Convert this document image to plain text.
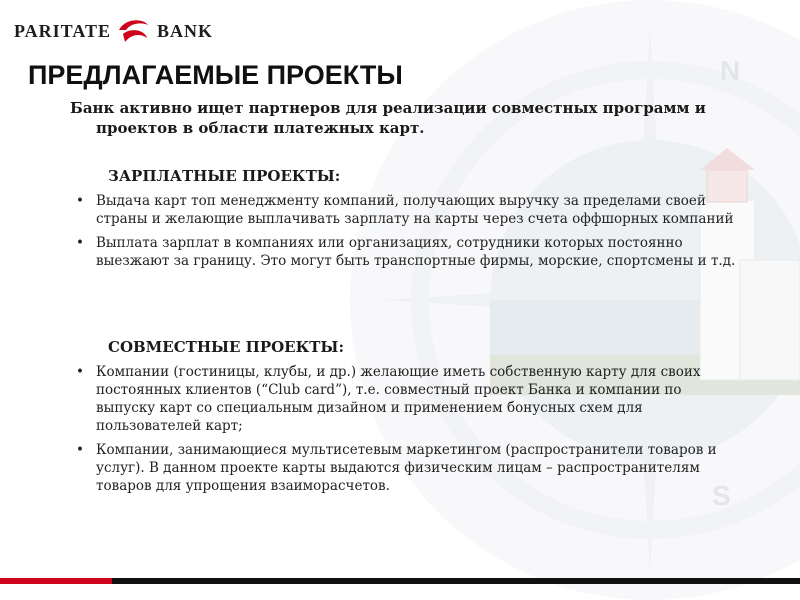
N
S
PARITATE	BANK
ПРЕДЛАГАЕМЫЕ ПРОЕКТЫ
Банк активно ищет партнеров для реализации совместных программ и
проектов в области платежных карт.
ЗАРПЛАТНЫЕ ПРОЕКТЫ:
• Выдача карт топ менеджменту компаний, получающих выручку за пределами своей страны и желающие выплачивать зарплату на карты через счета оффшорных компаний
• Выплата зарплат в компаниях или организациях, сотрудники которых постоянно выезжают за границу. Это могут быть транспортные фирмы, морские, спортсмены и т.д.
СОВМЕСТНЫЕ ПРОЕКТЫ:
• Компании (гостиницы, клубы, и др.) желающие иметь собственную карту для своих постоянных клиентов (“Club card”), т.е. совместный проект Банка и компании по выпуску карт со специальным дизайном и применением бонусных схем для пользователей карт;
• Компании, занимающиеся мультисетевым маркетингом (распространители товаров и услуг). В данном проекте карты выдаются физическим лицам – распространителям товаров для упрощения взаиморасчетов.
